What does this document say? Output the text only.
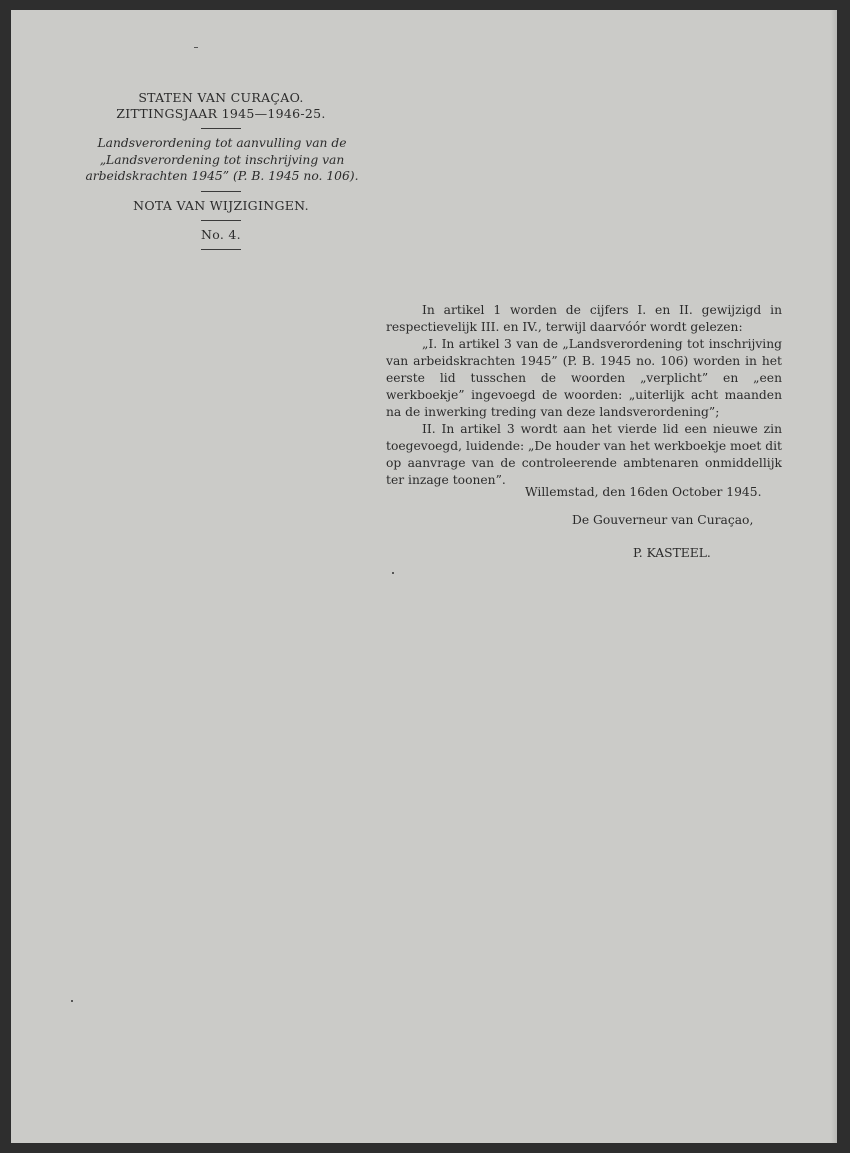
STATEN VAN CURAÇAO.
ZITTINGSJAAR 1945—1946-25.
Landsverordening tot aanvulling van de
„Landsverordening tot inschrijving van
arbeidskrachten 1945” (P. B. 1945 no. 106).
NOTA VAN WIJZIGINGEN.
No. 4.

In artikel 1 worden de cijfers I. en II. gewijzigd in respectievelijk III. en IV., terwijl daarvóór wordt gelezen:

„I. In artikel 3 van de „Landsverordening tot inschrijving van arbeidskrachten 1945” (P. B. 1945 no. 106) worden in het eerste lid tusschen de woorden „verplicht” en „een werkboekje” ingevoegd de woorden: „uiterlijk acht maanden na de inwerking treding van deze landsverordening”;

II. In artikel 3 wordt aan het vierde lid een nieuwe zin toegevoegd, luidende: „De houder van het werkboekje moet dit op aanvrage van de controleerende ambtenaren onmiddellijk ter inzage toonen”.

Willemstad, den 16den October 1945.
De Gouverneur van Curaçao,
P. KASTEEL.
